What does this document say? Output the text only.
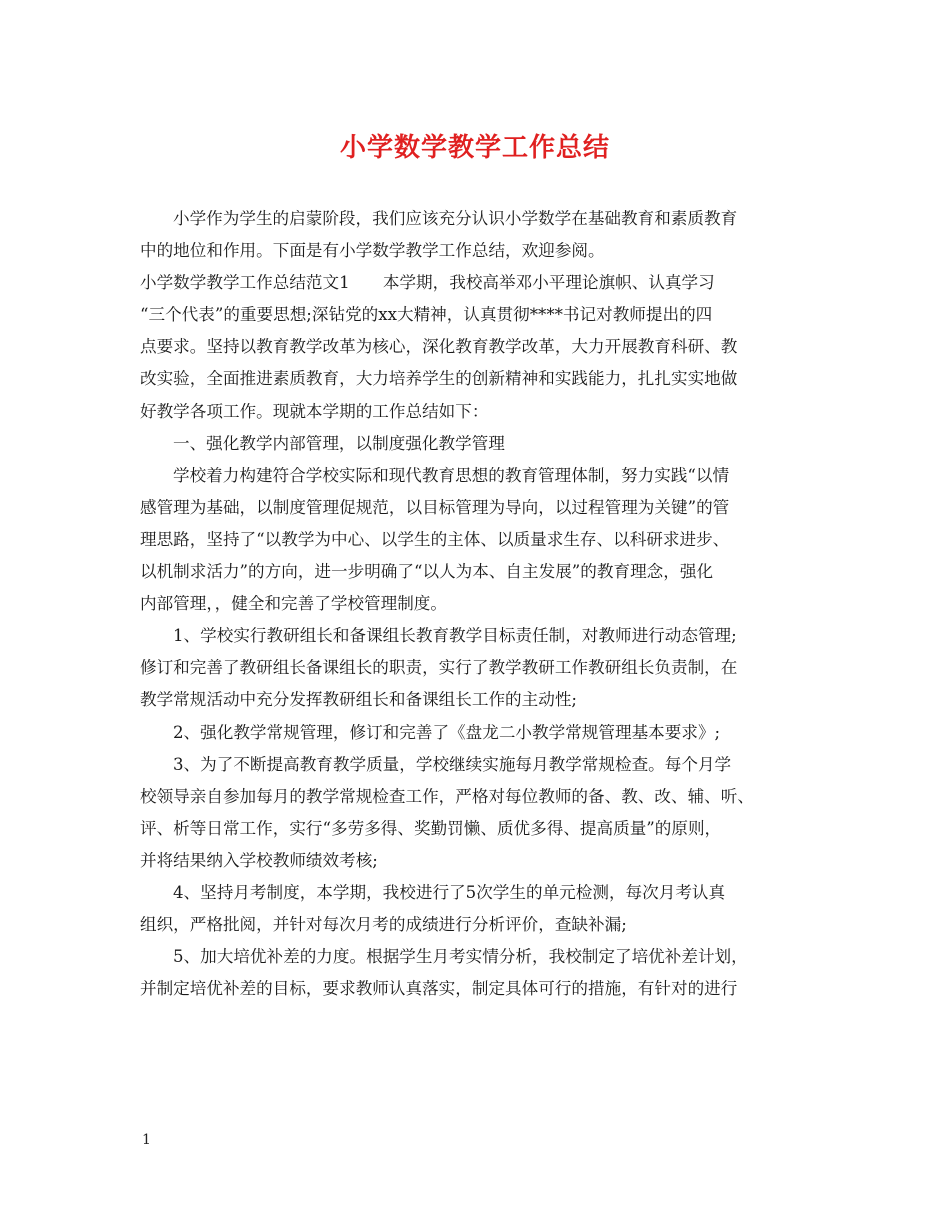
小学数学教学工作总结

小学作为学生的启蒙阶段，我们应该充分认识小学数学在基础教育和素质教育
中的地位和作用。下面是有小学数学教学工作总结，欢迎参阅。

小学数学教学工作总结范文1　　本学期，我校高举邓小平理论旗帜、认真学习
“三个代表”的重要思想;深钻党的xx大精神，认真贯彻****书记对教师提出的四
点要求。坚持以教育教学改革为核心，深化教育教学改革，大力开展教育科研、教
改实验，全面推进素质教育，大力培养学生的创新精神和实践能力，扎扎实实地做
好教学各项工作。现就本学期的工作总结如下：

一、强化教学内部管理，以制度强化教学管理

学校着力构建符合学校实际和现代教育思想的教育管理体制，努力实践“以情
感管理为基础，以制度管理促规范，以目标管理为导向，以过程管理为关键”的管
理思路，坚持了“以教学为中心、以学生的主体、以质量求生存、以科研求进步、
以机制求活力”的方向，进一步明确了“以人为本、自主发展”的教育理念，强化
内部管理，，健全和完善了学校管理制度。

1、学校实行教研组长和备课组长教育教学目标责任制，对教师进行动态管理;
修订和完善了教研组长备课组长的职责，实行了教学教研工作教研组长负责制，在
教学常规活动中充分发挥教研组长和备课组长工作的主动性;

2、强化教学常规管理，修订和完善了《盘龙二小教学常规管理基本要求》;

3、为了不断提高教育教学质量，学校继续实施每月教学常规检查。每个月学
校领导亲自参加每月的教学常规检查工作，严格对每位教师的备、教、改、辅、听、
评、析等日常工作，实行“多劳多得、奖勤罚懒、质优多得、提高质量”的原则，
并将结果纳入学校教师绩效考核;

4、坚持月考制度，本学期，我校进行了5次学生的单元检测，每次月考认真
组织，严格批阅，并针对每次月考的成绩进行分析评价，查缺补漏;

5、加大培优补差的力度。根据学生月考实情分析，我校制定了培优补差计划，
并制定培优补差的目标，要求教师认真落实，制定具体可行的措施，有针对的进行

1
